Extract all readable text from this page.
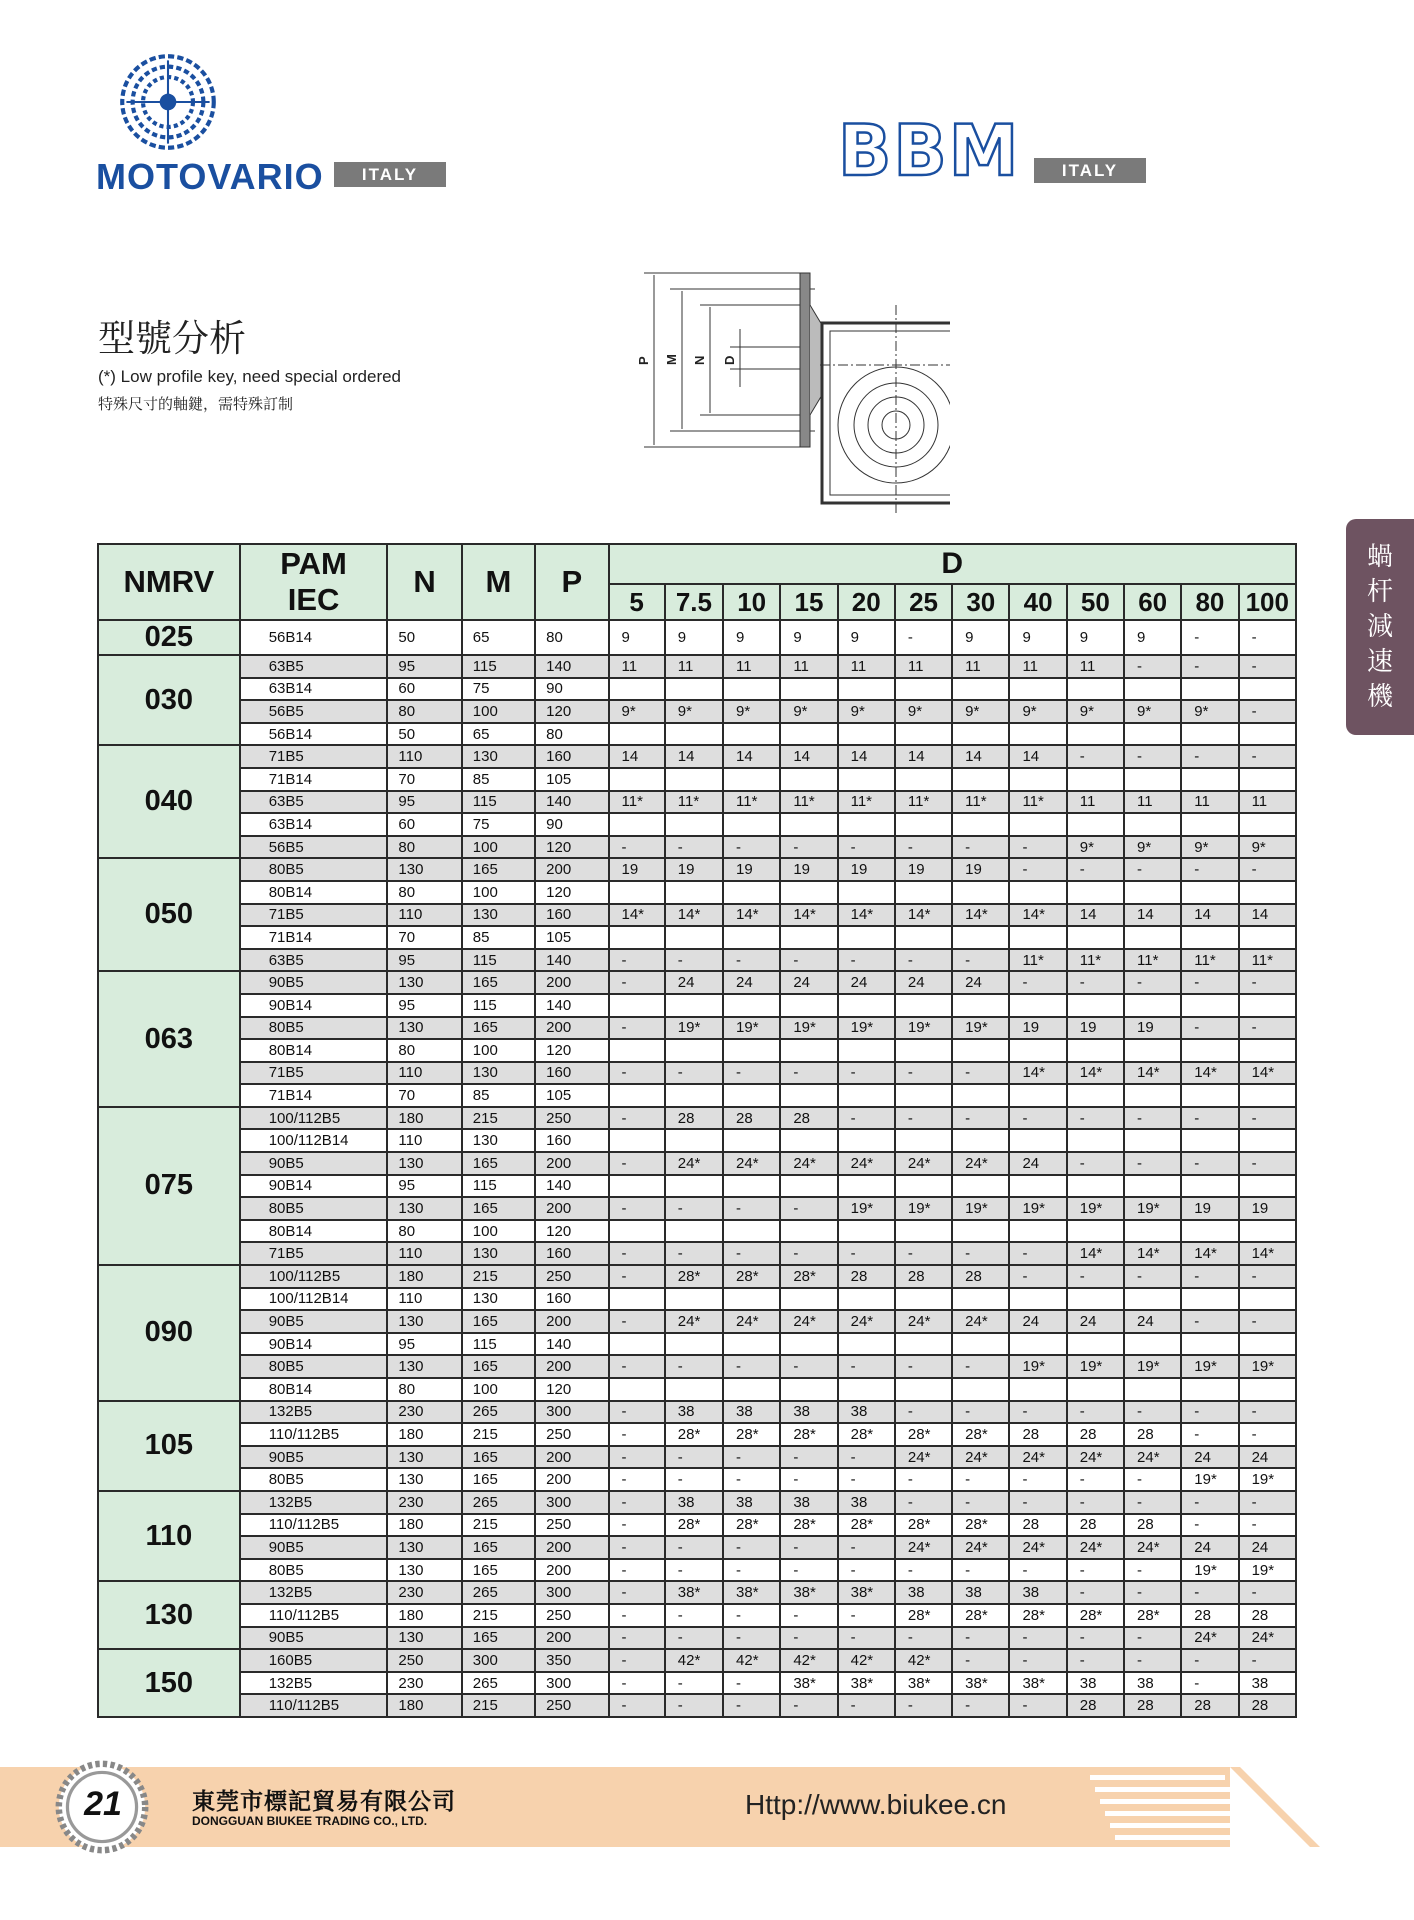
MOTOVARIO	ITALY	BBM	ITALY
型號分析
(*) Low profile key, need special ordered
特殊尺寸的軸鍵，需特殊訂制
P M N D
蝸
杆
減
速
機
NMRV	PAM
IEC	N	M	P	D											
					5	7.5	10	15	20	25	30	40	50	60	80	100
025	56B14	50	65	80	9	9	9	9	9	-	9	9	9	9	-	-
030	63B5	95	115	140	11	11	11	11	11	11	11	11	11	-	-	-
	63B14	60	75	90												
	56B5	80	100	120	9*	9*	9*	9*	9*	9*	9*	9*	9*	9*	9*	-
	56B14	50	65	80												
040	71B5	110	130	160	14	14	14	14	14	14	14	14	-	-	-	-
	71B14	70	85	105												
	63B5	95	115	140	11*	11*	11*	11*	11*	11*	11*	11*	11	11	11	11
	63B14	60	75	90												
	56B5	80	100	120	-	-	-	-	-	-	-	-	9*	9*	9*	9*
050	80B5	130	165	200	19	19	19	19	19	19	19	-	-	-	-	-
	80B14	80	100	120												
	71B5	110	130	160	14*	14*	14*	14*	14*	14*	14*	14*	14	14	14	14
	71B14	70	85	105												
	63B5	95	115	140	-	-	-	-	-	-	-	11*	11*	11*	11*	11*
063	90B5	130	165	200	-	24	24	24	24	24	24	-	-	-	-	-
	90B14	95	115	140												
	80B5	130	165	200	-	19*	19*	19*	19*	19*	19*	19	19	19	-	-
	80B14	80	100	120												
	71B5	110	130	160	-	-	-	-	-	-	-	14*	14*	14*	14*	14*
	71B14	70	85	105												
075	100/112B5	180	215	250	-	28	28	28	-	-	-	-	-	-	-	-
	100/112B14	110	130	160												
	90B5	130	165	200	-	24*	24*	24*	24*	24*	24*	24	-	-	-	-
	90B14	95	115	140												
	80B5	130	165	200	-	-	-	-	19*	19*	19*	19*	19*	19*	19	19
	80B14	80	100	120												
	71B5	110	130	160	-	-	-	-	-	-	-	-	14*	14*	14*	14*
090	100/112B5	180	215	250	-	28*	28*	28*	28	28	28	-	-	-	-	-
	100/112B14	110	130	160												
	90B5	130	165	200	-	24*	24*	24*	24*	24*	24*	24	24	24	-	-
	90B14	95	115	140												
	80B5	130	165	200	-	-	-	-	-	-	-	19*	19*	19*	19*	19*
	80B14	80	100	120												
105	132B5	230	265	300	-	38	38	38	38	-	-	-	-	-	-	-
	110/112B5	180	215	250	-	28*	28*	28*	28*	28*	28*	28	28	28	-	-
	90B5	130	165	200	-	-	-	-	-	24*	24*	24*	24*	24*	24	24
	80B5	130	165	200	-	-	-	-	-	-	-	-	-	-	19*	19*
110	132B5	230	265	300	-	38	38	38	38	-	-	-	-	-	-	-
	110/112B5	180	215	250	-	28*	28*	28*	28*	28*	28*	28	28	28	-	-
	90B5	130	165	200	-	-	-	-	-	24*	24*	24*	24*	24*	24	24
	80B5	130	165	200	-	-	-	-	-	-	-	-	-	-	19*	19*
130	132B5	230	265	300	-	38*	38*	38*	38*	38	38	38	-	-	-	-
	110/112B5	180	215	250	-	-	-	-	-	28*	28*	28*	28*	28*	28	28
	90B5	130	165	200	-	-	-	-	-	-	-	-	-	-	24*	24*
150	160B5	250	300	350	-	42*	42*	42*	42*	42*	-	-	-	-	-	-
	132B5	230	265	300	-	-	-	38*	38*	38*	38*	38*	38	38	-	38
	110/112B5	180	215	250	-	-	-	-	-	-	-	-	28	28	28	28
21	東莞市標記貿易有限公司
DONGGUAN BIUKEE TRADING CO., LTD.
Http://www.biukee.cn
